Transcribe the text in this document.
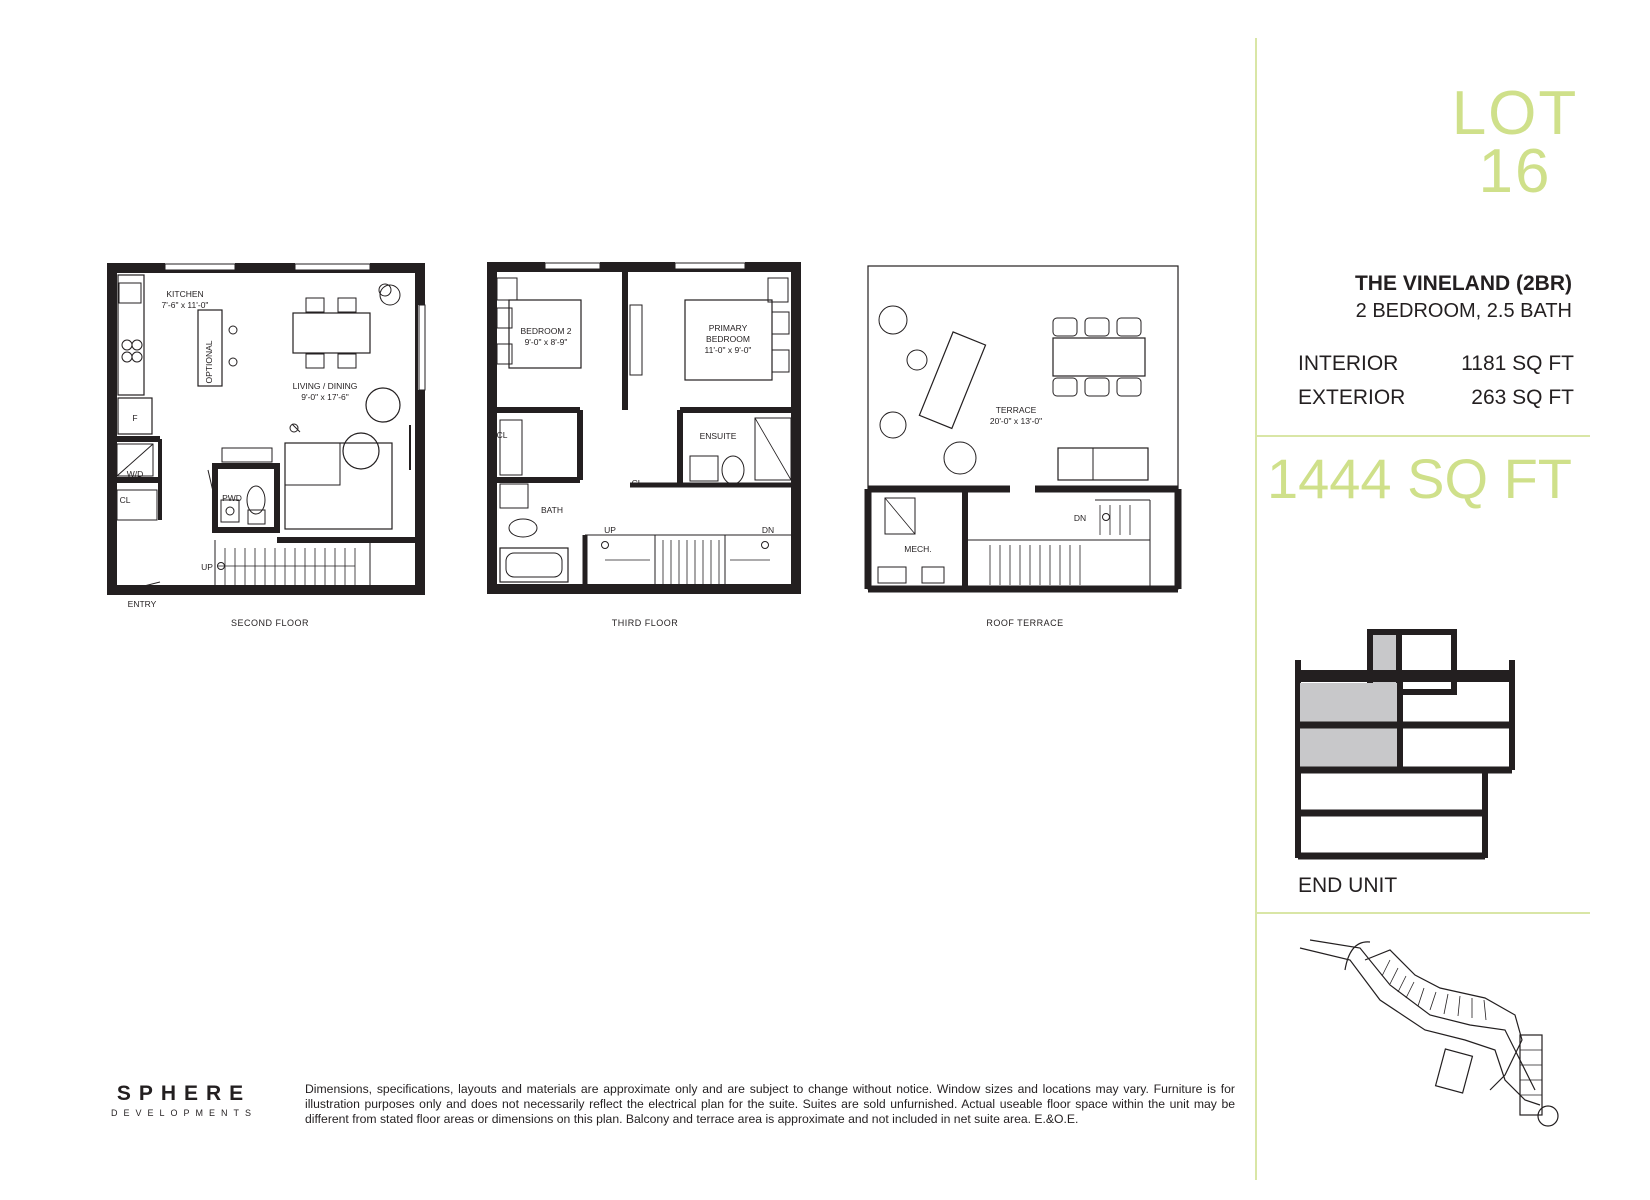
KITCHEN
7'-6" x 11'-0"
OPTIONAL
LIVING / DINING
9'-0" x 17'-6"
F
W/D
CL	PWD
UP
ENTRY
BEDROOM 2
9'-0" x 8'-9"
PRIMARY
BEDROOM
11'-0" x 9'-0"
ENSUITE
BATH
CL
CL
UP	DN
TERRACE
20'-0" x 13'-0"
MECH.
DN
SECOND FLOOR	THIRD FLOOR	ROOF TERRACE
LOT
16
THE VINELAND (2BR)
2 BEDROOM, 2.5 BATH
INTERIOR	1181 SQ FT
EXTERIOR	263 SQ FT
1444 SQ FT
END UNIT
SPHERE
DEVELOPMENTS
Dimensions, specifications, layouts and materials are approximate only and are subject to change without notice. Window sizes and locations may vary. Furniture is for illustration purposes only and does not necessarily reflect the electrical plan for the suite. Suites are sold unfurnished. Actual useable floor space within the unit may be different from stated floor areas or dimensions on this plan. Balcony and terrace area is approximate and not included in net suite area. E.&O.E.
